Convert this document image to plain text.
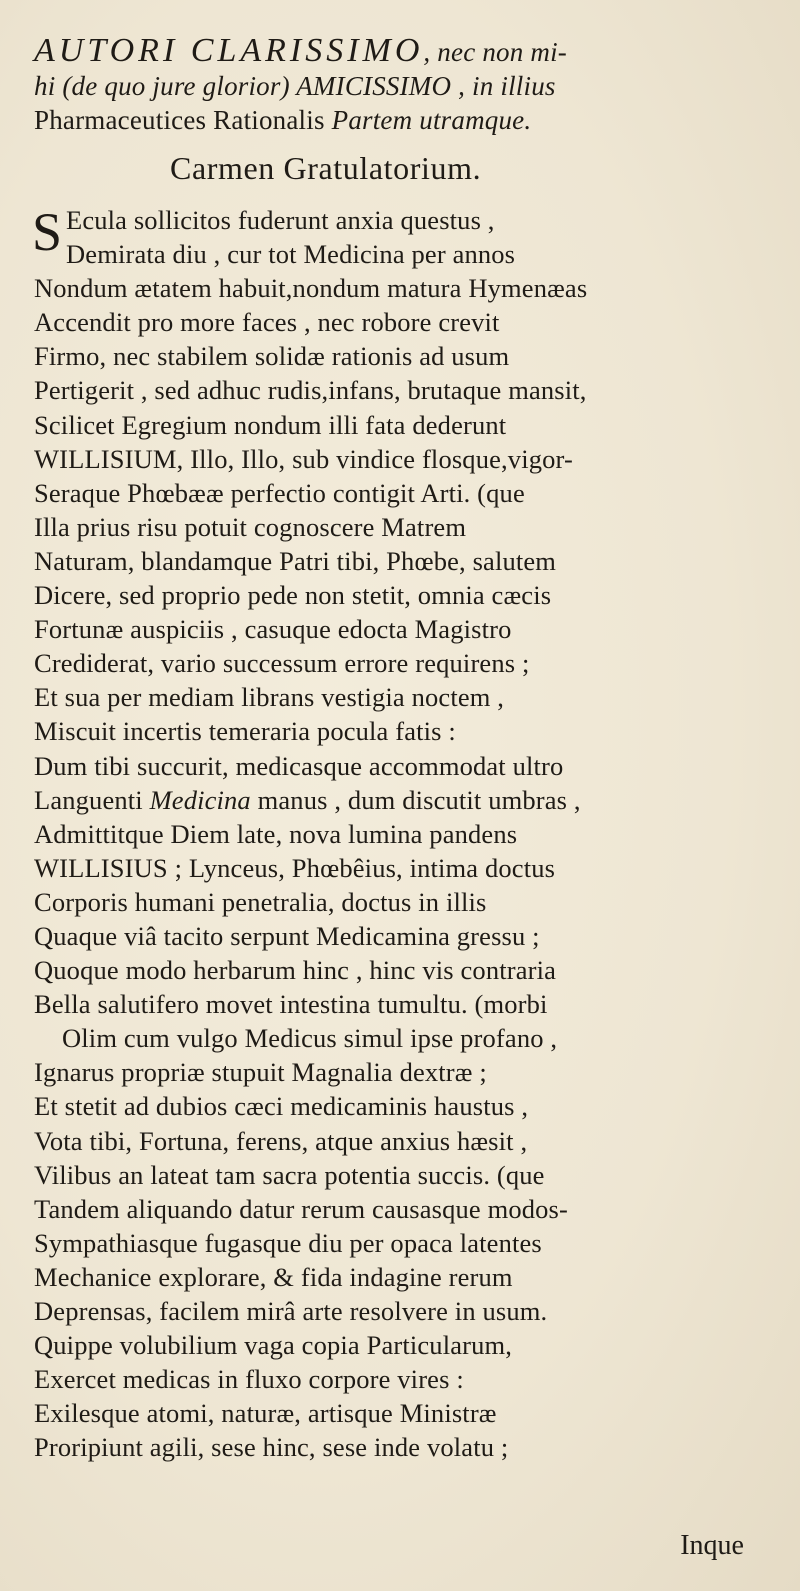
AUTORI CLARISSIMO, nec non mi-
hi (de quo jure glorior) AMICISSIMO , in illius
Pharmaceutices Rationalis Partem utramque.
Carmen Gratulatorium.
S Ecula sollicitos fuderunt anxia questus ,
Demirata diu , cur tot Medicina per annos
Nondum ætatem habuit,nondum matura Hymenæas
Accendit pro more faces , nec robore crevit
Firmo, nec stabilem solidæ rationis ad usum
Pertigerit , sed adhuc rudis,infans, brutaque mansit,
Scilicet Egregium nondum illi fata dederunt
WILLISIUM, Illo, Illo, sub vindice flosque,vigor-
Seraque Phœbææ perfectio contigit Arti. (que
Illa prius risu potuit cognoscere Matrem
Naturam, blandamque Patri tibi, Phœbe, salutem
Dicere, sed proprio pede non stetit, omnia cæcis
Fortunæ auspiciis , casuque edocta Magistro
Crediderat, vario successum errore requirens ;
Et sua per mediam librans vestigia noctem ,
Miscuit incertis temeraria pocula fatis :
Dum tibi succurit, medicasque accommodat ultro
Languenti Medicina manus , dum discutit umbras ,
Admittitque Diem late, nova lumina pandens
WILLISIUS ; Lynceus, Phœbêius, intima doctus
Corporis humani penetralia, doctus in illis
Quaque viâ tacito serpunt Medicamina gressu ;
Quoque modo herbarum hinc , hinc vis contraria
Bella salutifero movet intestina tumultu. (morbi
Olim cum vulgo Medicus simul ipse profano ,
Ignarus propriæ stupuit Magnalia dextræ ;
Et stetit ad dubios cæci medicaminis haustus ,
Vota tibi, Fortuna, ferens, atque anxius hæsit ,
Vilibus an lateat tam sacra potentia succis. (que
Tandem aliquando datur rerum causasque modos-
Sympathiasque fugasque diu per opaca latentes
Mechanice explorare, & fida indagine rerum
Deprensas, facilem mirâ arte resolvere in usum.
Quippe volubilium vaga copia Particularum,
Exercet medicas in fluxo corpore vires :
Exilesque atomi, naturæ, artisque Ministræ
Proripiunt agili, sese hinc, sese inde volatu ;
Inque
